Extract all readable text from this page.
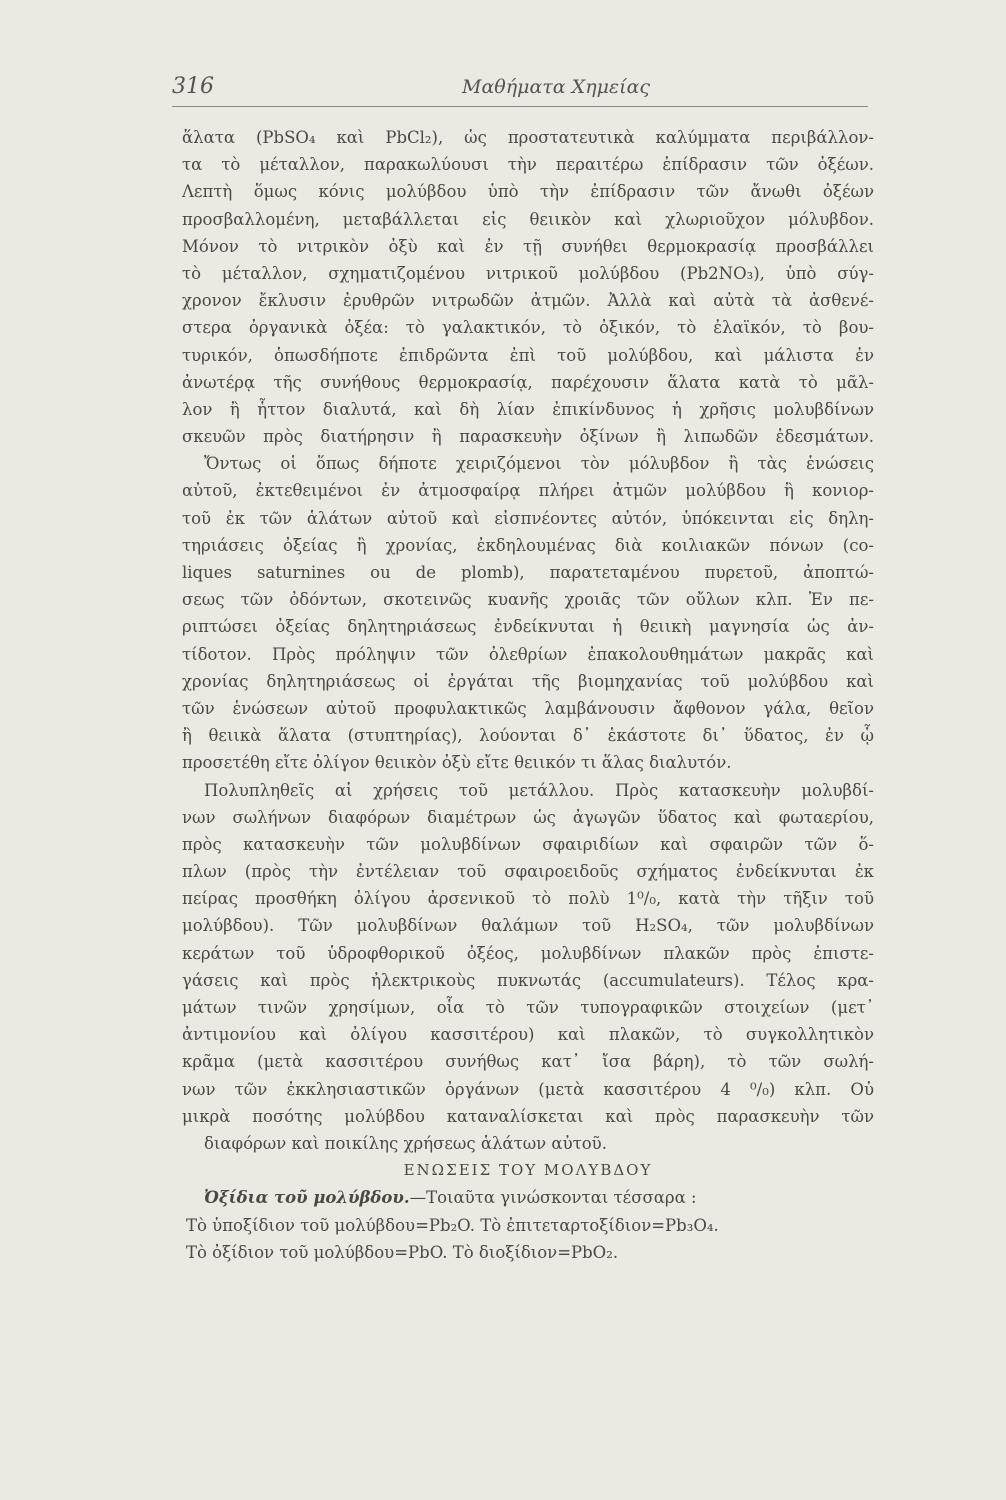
316	Μαθήματα Χημείας
ἅλατα (PbSO₄ καὶ PbCl₂), ὡς προστατευτικὰ καλύμματα περιβάλλον-
τα τὸ μέταλλον, παρακωλύουσι τὴν περαιτέρω ἐπίδρασιν τῶν ὀξέων.
Λεπτὴ ὅμως κόνις μολύβδου ὑπὸ τὴν ἐπίδρασιν τῶν ἄνωθι ὀξέων
προσβαλλομένη, μεταβάλλεται εἰς θειικὸν καὶ χλωριοῦχον μόλυβδον.
Μόνον τὸ νιτρικὸν ὀξὺ καὶ ἐν τῇ συνήθει θερμοκρασίᾳ προσβάλλει
τὸ μέταλλον, σχηματιζομένου νιτρικοῦ μολύβδου (Pb2NO₃), ὑπὸ σύγ-
χρονον ἔκλυσιν ἐρυθρῶν νιτρωδῶν ἀτμῶν. Ἀλλὰ καὶ αὐτὰ τὰ ἀσθενέ-
στερα ὀργανικὰ ὀξέα: τὸ γαλακτικόν, τὸ ὀξικόν, τὸ ἐλαϊκόν, τὸ βου-
τυρικόν, ὁπωσδήποτε ἐπιδρῶντα ἐπὶ τοῦ μολύβδου, καὶ μάλιστα ἐν
ἀνωτέρᾳ τῆς συνήθους θερμοκρασίᾳ, παρέχουσιν ἅλατα κατὰ τὸ μᾶλ-
λον ἢ ἧττον διαλυτά, καὶ δὴ λίαν ἐπικίνδυνος ἡ χρῆσις μολυβδίνων
σκευῶν πρὸς διατήρησιν ἢ παρασκευὴν ὀξίνων ἢ λιπωδῶν ἐδεσμάτων.
Ὄντως οἱ ὅπως δήποτε χειριζόμενοι τὸν μόλυβδον ἢ τὰς ἑνώσεις
αὐτοῦ, ἐκτεθειμένοι ἐν ἀτμοσφαίρᾳ πλήρει ἀτμῶν μολύβδου ἢ κονιορ-
τοῦ ἐκ τῶν ἁλάτων αὐτοῦ καὶ εἰσπνέοντες αὐτόν, ὑπόκεινται εἰς δηλη-
τηριάσεις ὀξείας ἢ χρονίας, ἐκδηλουμένας διὰ κοιλιακῶν πόνων (co-
liques saturnines ou de plomb), παρατεταμένου πυρετοῦ, ἀποπτώ-
σεως τῶν ὀδόντων, σκοτεινῶς κυανῆς χροιᾶς τῶν οὔλων κλπ. Ἐν πε-
ριπτώσει ὀξείας δηλητηριάσεως ἐνδείκνυται ἡ θειικὴ μαγνησία ὡς ἀν-
τίδοτον. Πρὸς πρόληψιν τῶν ὀλεθρίων ἐπακολουθημάτων μακρᾶς καὶ
χρονίας δηλητηριάσεως οἱ ἐργάται τῆς βιομηχανίας τοῦ μολύβδου καὶ
τῶν ἑνώσεων αὐτοῦ προφυλακτικῶς λαμβάνουσιν ἄφθονον γάλα, θεῖον
ἢ θειικὰ ἅλατα (στυπτηρίας), λούονται δ᾽ ἑκάστοτε δι᾽ ὕδατος, ἐν ᾧ
προσετέθη εἴτε ὀλίγον θειικὸν ὀξὺ εἴτε θειικόν τι ἅλας διαλυτόν.
Πολυπληθεῖς αἱ χρήσεις τοῦ μετάλλου. Πρὸς κατασκευὴν μολυβδί-
νων σωλήνων διαφόρων διαμέτρων ὡς ἀγωγῶν ὕδατος καὶ φωταερίου,
πρὸς κατασκευὴν τῶν μολυβδίνων σφαιριδίων καὶ σφαιρῶν τῶν ὅ-
πλων (πρὸς τὴν ἐντέλειαν τοῦ σφαιροειδοῦς σχήματος ἐνδείκνυται ἐκ
πείρας προσθήκη ὀλίγου ἀρσενικοῦ τὸ πολὺ 1⁰/₀, κατὰ τὴν τῆξιν τοῦ
μολύβδου). Τῶν μολυβδίνων θαλάμων τοῦ H₂SO₄, τῶν μολυβδίνων
κεράτων τοῦ ὑδροφθορικοῦ ὀξέος, μολυβδίνων πλακῶν πρὸς ἐπιστε-
γάσεις καὶ πρὸς ἠλεκτρικοὺς πυκνωτάς (accumulateurs). Τέλος κρα-
μάτων τινῶν χρησίμων, οἷα τὸ τῶν τυπογραφικῶν στοιχείων (μετ᾽
ἀντιμονίου καὶ ὀλίγου κασσιτέρου) καὶ πλακῶν, τὸ συγκολλητικὸν
κρᾶμα (μετὰ κασσιτέρου συνήθως κατ᾽ ἴσα βάρη), τὸ τῶν σωλή-
νων τῶν ἐκκλησιαστικῶν ὀργάνων (μετὰ κασσιτέρου 4 ⁰/₀) κλπ. Οὐ
μικρὰ ποσότης μολύβδου καταναλίσκεται καὶ πρὸς παρασκευὴν τῶν
διαφόρων καὶ ποικίλης χρήσεως ἁλάτων αὐτοῦ.
ΕΝΩΣΕΙΣ ΤΟΥ ΜΟΛΥΒΔΟΥ
Ὀξίδια τοῦ μολύβδου.—Τοιαῦτα γινώσκονται τέσσαρα :
Τὸ ὑποξίδιον τοῦ μολύβδου=Pb₂O. Τὸ ἐπιτεταρτοξίδιον=Pb₃O₄.
Τὸ ὀξίδιον τοῦ μολύβδου=PbO. Τὸ διοξίδιον=PbO₂.
